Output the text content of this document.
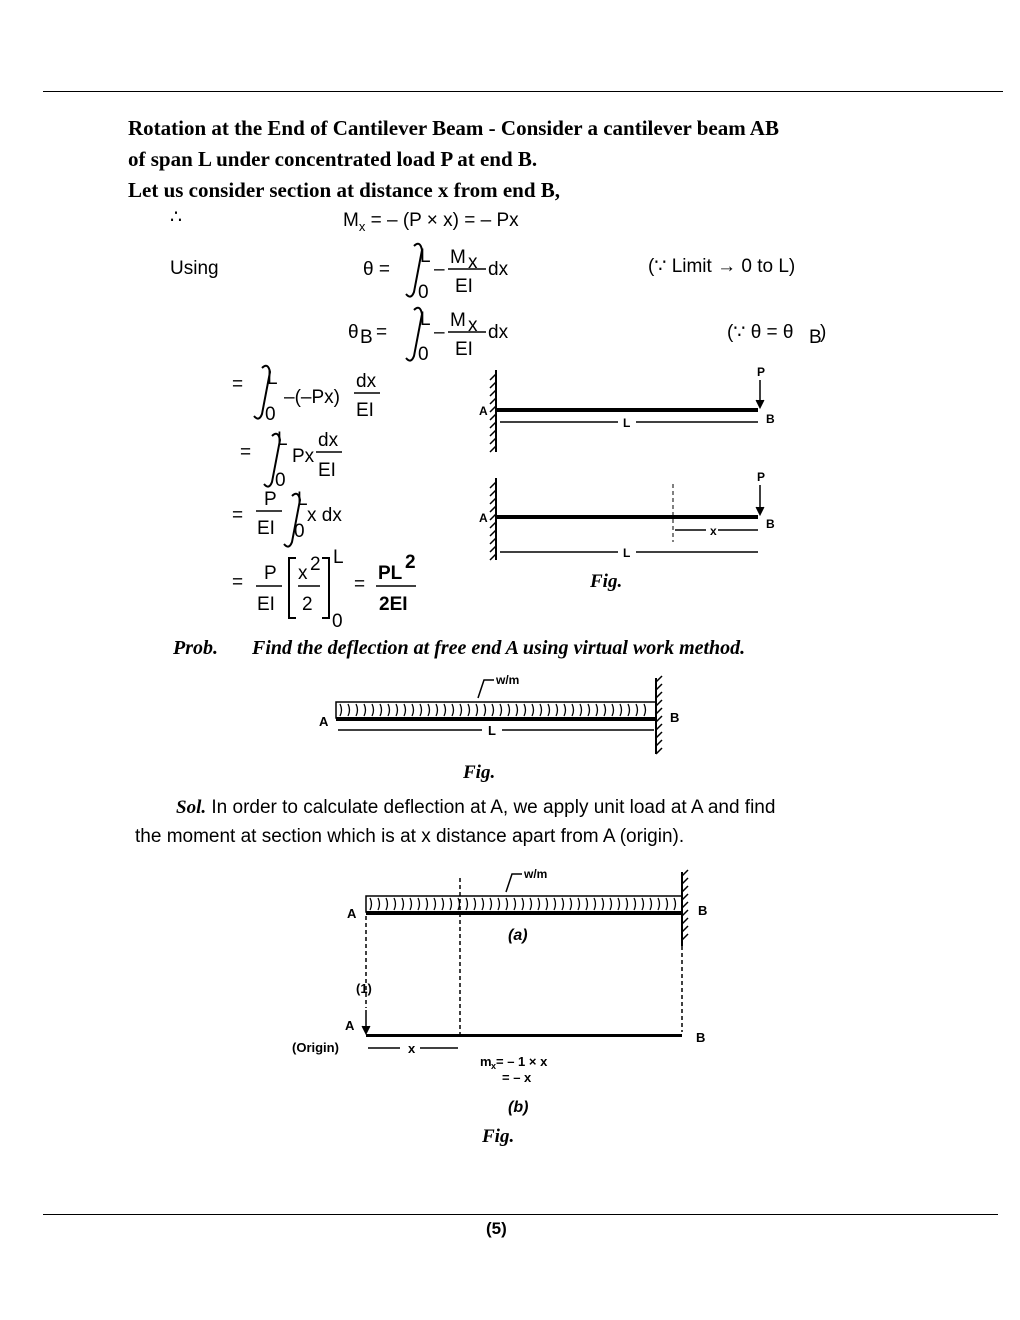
Rotation at the End of Cantilever Beam - Consider a cantilever beam AB
of span L under concentrated load P at end B.
Let us consider section at distance x from end B,
∴	$M_x$ = – (P × x) = – Px
Using	θ =
L
0
–
M x
EI
dx	(∵ Limit → 0 to L)
θ B =
L
0
–
M x
EI
dx	(∵ θ = θ B
)
= L
0
–(–Px)
dx
EI
=
L
0
Px
dx
EI
=
P
EI
L
0
x dx
= P
EI
x 2
2
L
0
=
PL
2
2EI
P
A
B
L
P
A	B
x
L
Fig.
Prob. Find the deflection at free end A using virtual work method.
A
w/m
B
L
Fig.
Sol. In order to calculate deflection at A, we apply unit load at A and find
the moment at section which is at x distance apart from A (origin).
A
w/m
B
(a)
(1)
A
(Origin)	x
B
m x = – 1 × x
= – x
(b)
Fig.
(5)
